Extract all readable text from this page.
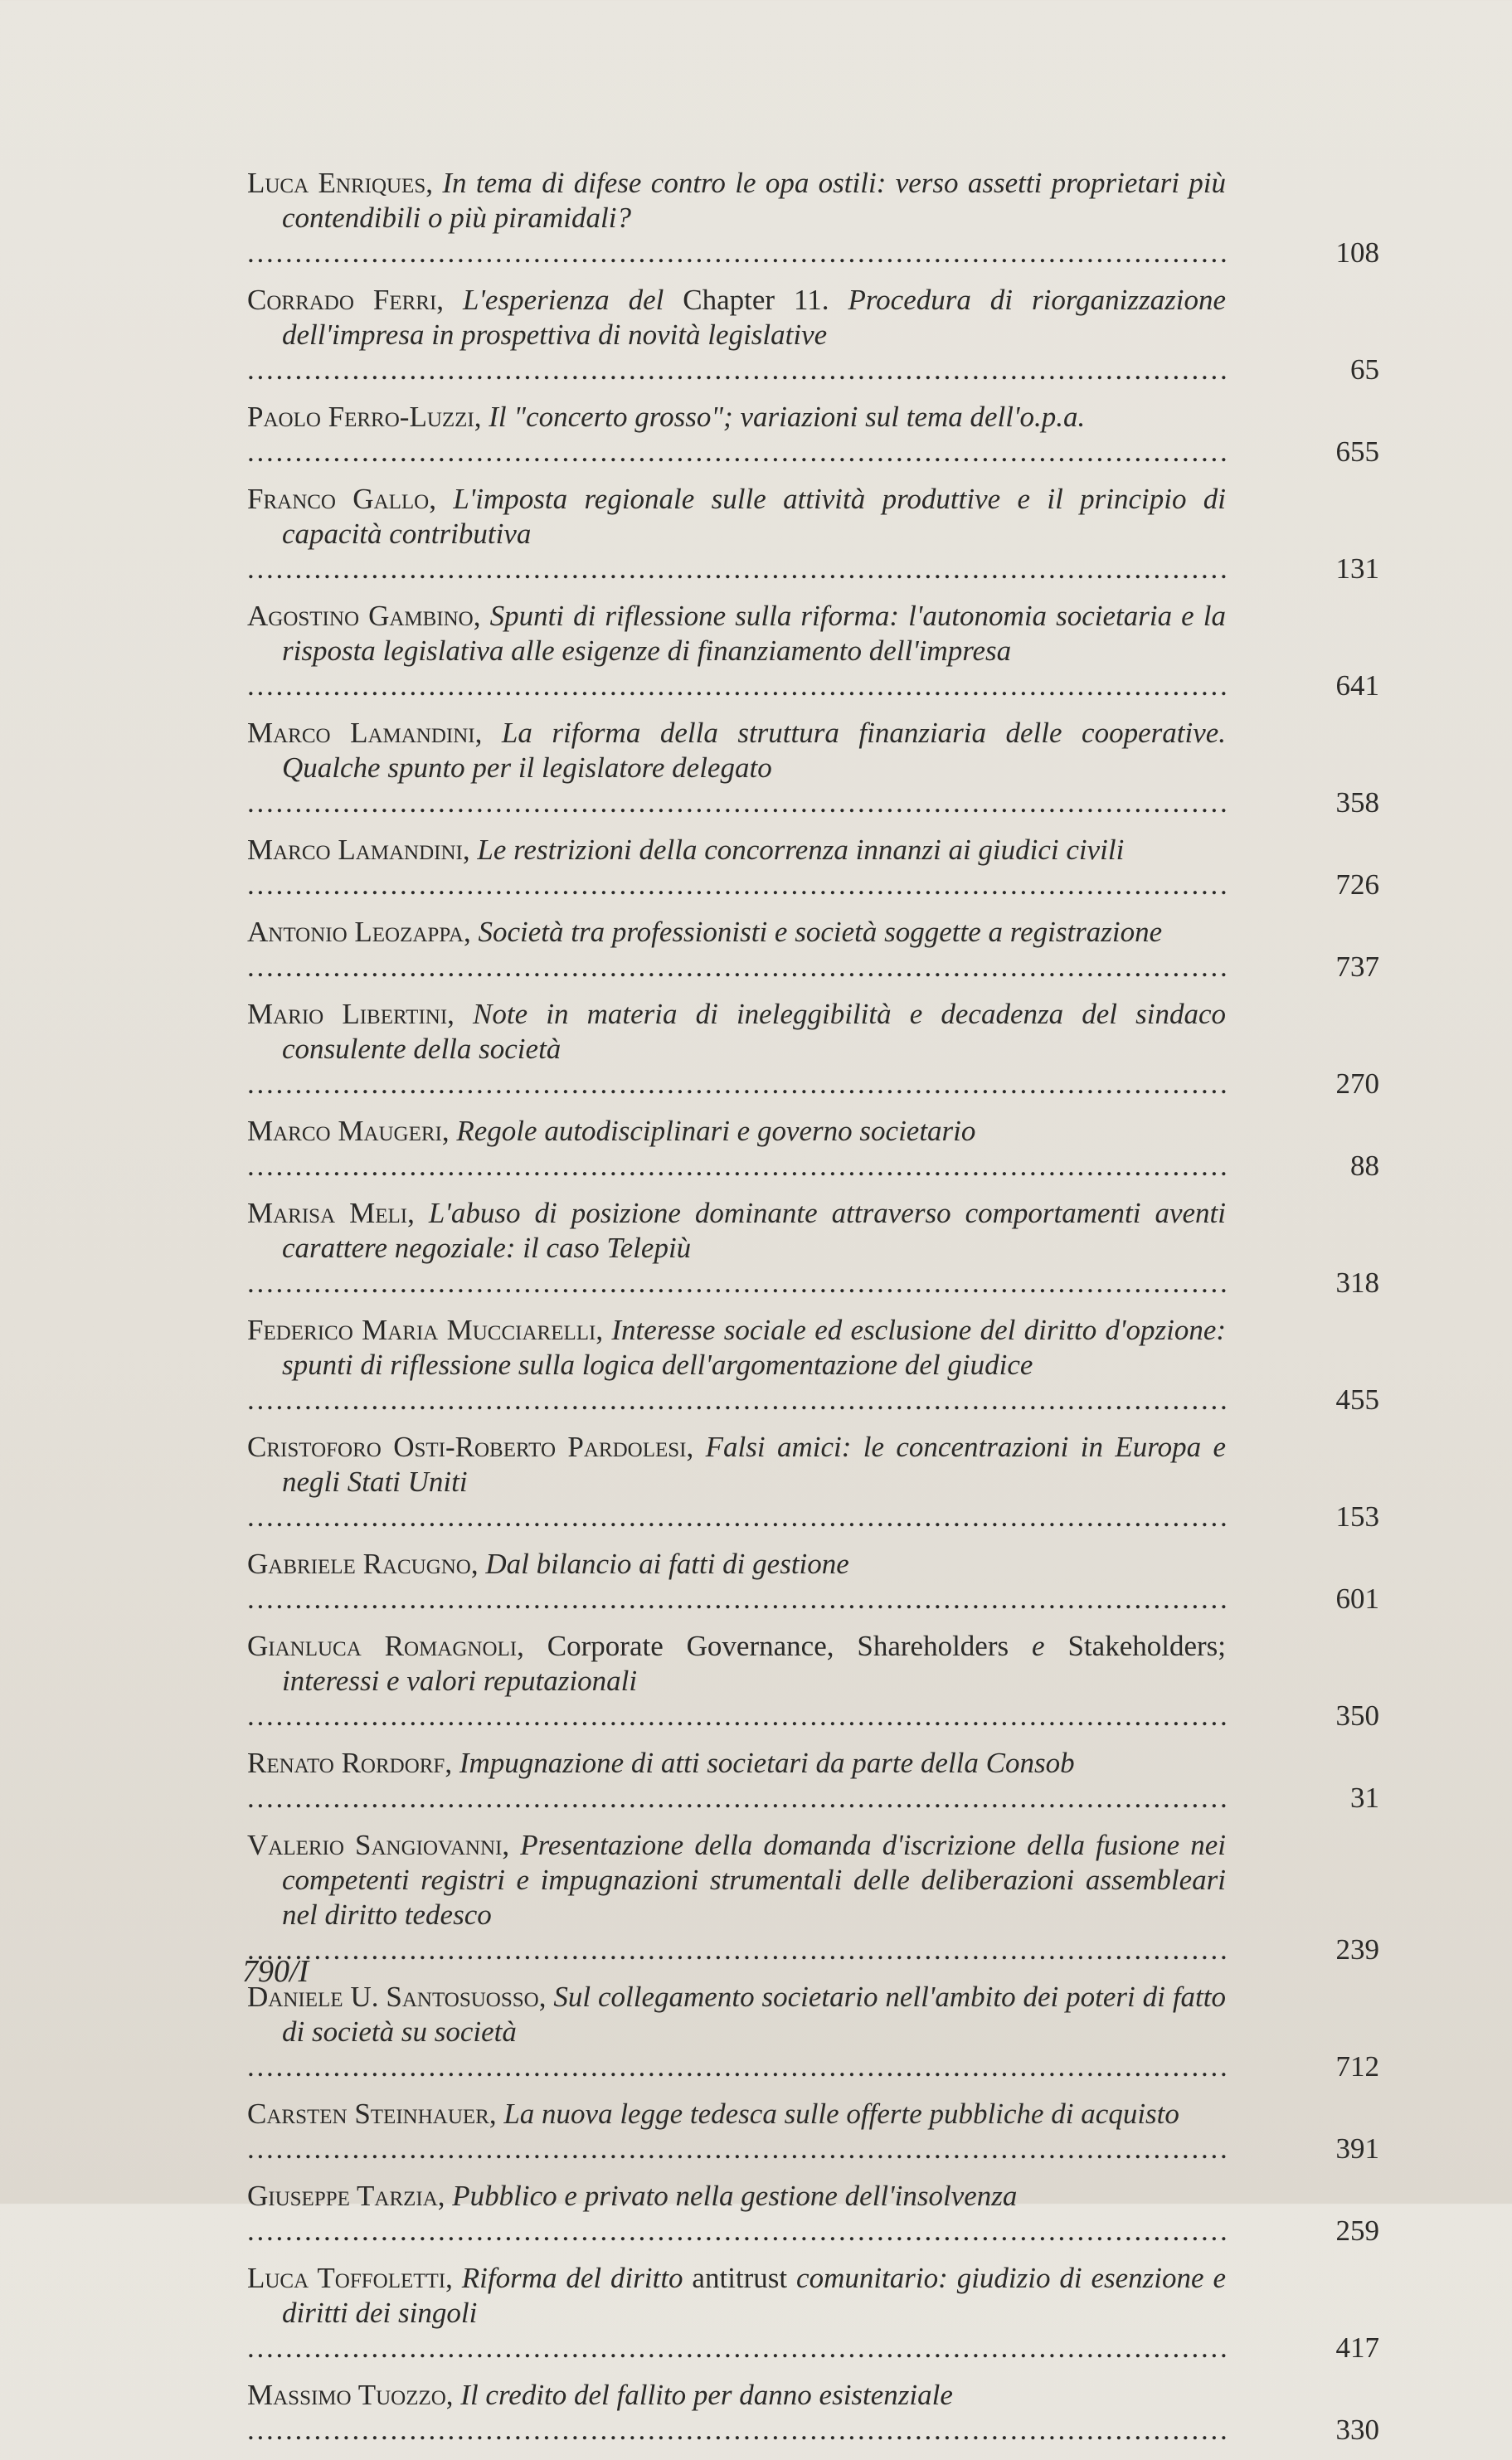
Luca Enriques, In tema di difese contro le opa ostili: verso assetti proprietari più contendibili o più piramidali?
. . .
108
Corrado Ferri, L'esperienza del Chapter 11. Procedura di riorganizzazione dell'impresa in prospettiva di novità legislative
. . .
65
Paolo Ferro-Luzzi, Il "concerto grosso"; variazioni sul tema dell'o.p.a.
. . .
655
Franco Gallo, L'imposta regionale sulle attività produttive e il principio di capacità contributiva
. . .
131
Agostino Gambino, Spunti di riflessione sulla riforma: l'autonomia societaria e la risposta legislativa alle esigenze di finanziamento dell'impresa
. . .
641
Marco Lamandini, La riforma della struttura finanziaria delle cooperative. Qualche spunto per il legislatore delegato
. . .
358
Marco Lamandini, Le restrizioni della concorrenza innanzi ai giudici civili
. . .
726
Antonio Leozappa, Società tra professionisti e società soggette a registrazione
. . .
737
Mario Libertini, Note in materia di ineleggibilità e decadenza del sindaco consulente della società
. . .
270
Marco Maugeri, Regole autodisciplinari e governo societario
. . .
88
Marisa Meli, L'abuso di posizione dominante attraverso comportamenti aventi carattere negoziale: il caso Telepiù
. . .
318
Federico Maria Mucciarelli, Interesse sociale ed esclusione del diritto d'opzione: spunti di riflessione sulla logica dell'argomentazione del giudice
. . .
455
Cristoforo Osti-Roberto Pardolesi, Falsi amici: le concentrazioni in Europa e negli Stati Uniti
. . .
153
Gabriele Racugno, Dal bilancio ai fatti di gestione
. . .
601
Gianluca Romagnoli, Corporate Governance, Shareholders e Stakeholders; interessi e valori reputazionali
. . .
350
Renato Rordorf, Impugnazione di atti societari da parte della Consob
. . .
31
Valerio Sangiovanni, Presentazione della domanda d'iscrizione della fusione nei competenti registri e impugnazioni strumentali delle deliberazioni assembleari nel diritto tedesco
. . .
239
Daniele U. Santosuosso, Sul collegamento societario nell'ambito dei poteri di fatto di società su società
. . .
712
Carsten Steinhauer, La nuova legge tedesca sulle offerte pubbliche di acquisto
. . .
391
Giuseppe Tarzia, Pubblico e privato nella gestione dell'insolvenza
. . .
259
Luca Toffoletti, Riforma del diritto antitrust comunitario: giudizio di esenzione e diritti dei singoli
. . .
417
Massimo Tuozzo, Il credito del fallito per danno esistenziale
. . .
330
790/I
